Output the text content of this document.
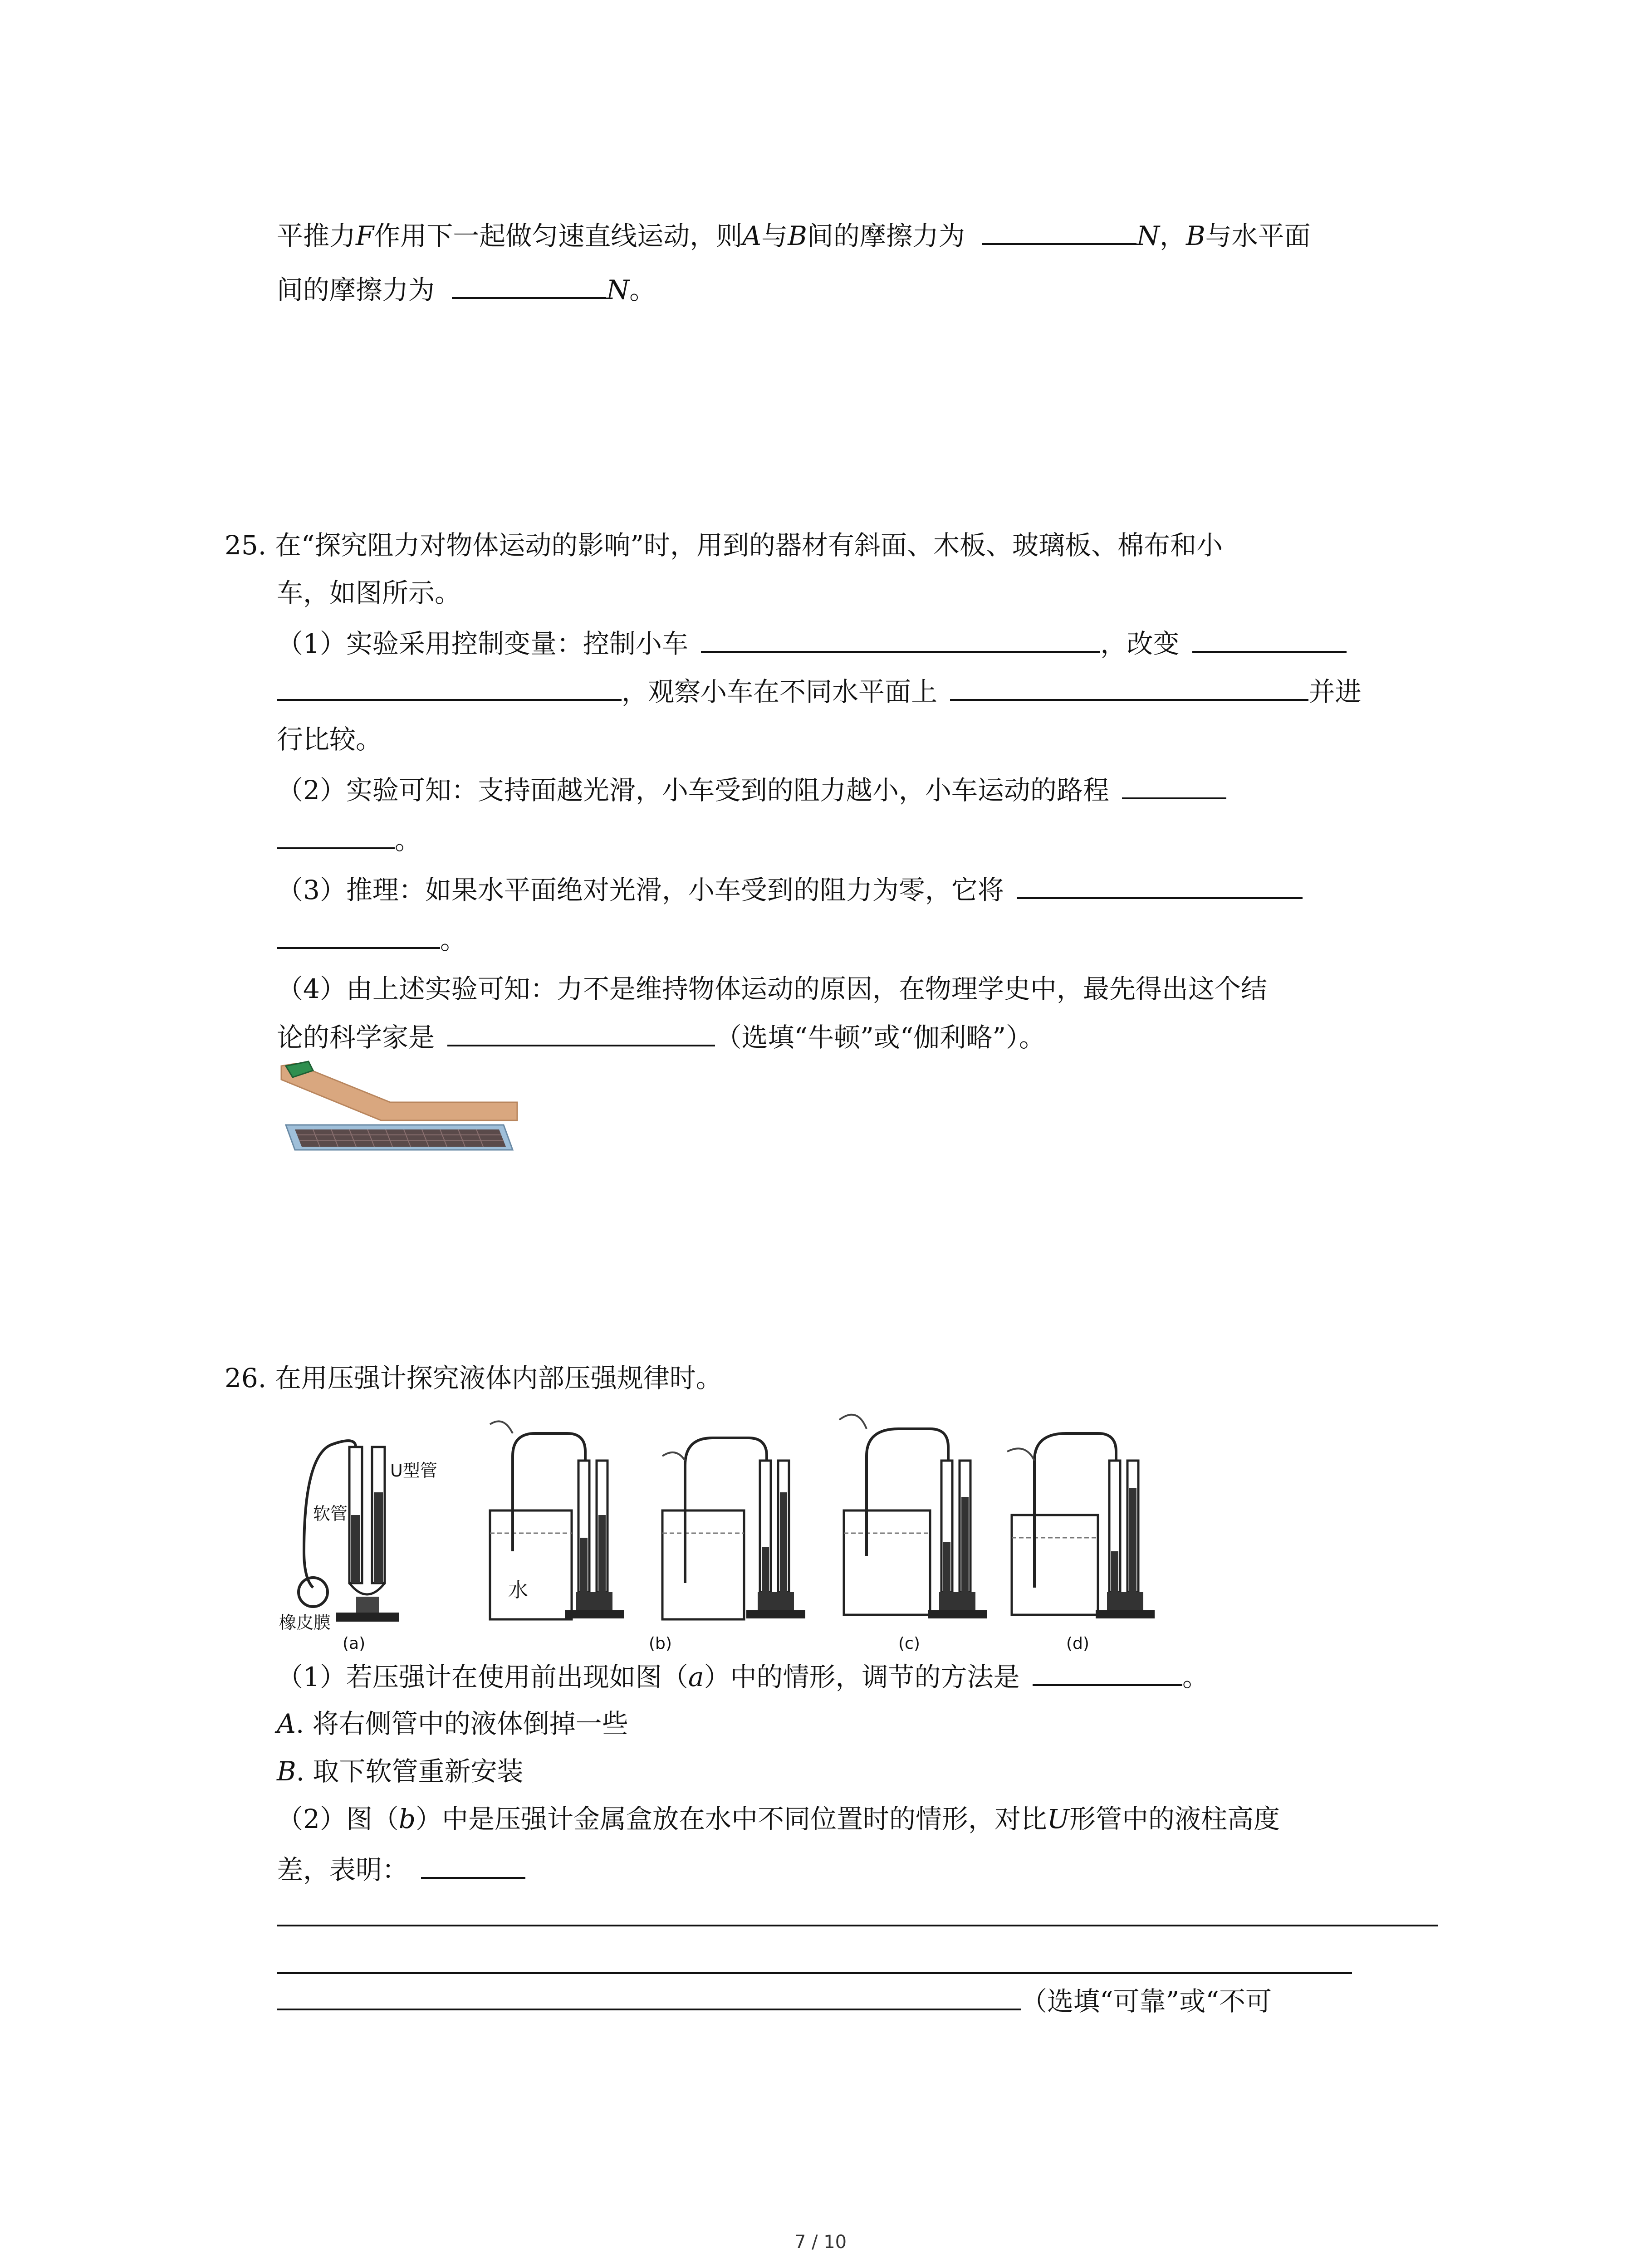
平推力F作用下一起做匀速直线运动，则A与B间的摩擦力为	N，B与水平面
间的摩擦力为	N。
25. 在“探究阻力对物体运动的影响”时，用到的器材有斜面、木板、玻璃板、棉布和小
车，如图所示。
（1）实验采用控制变量：控制小车	，改变
，观察小车在不同水平面上	并进
行比较。
（2）实验可知：支持面越光滑，小车受到的阻力越小，小车运动的路程
。
（3）推理：如果水平面绝对光滑，小车受到的阻力为零，它将
。
（4）由上述实验可知：力不是维持物体运动的原因，在物理学史中，最先得出这个结
论的科学家是	（选填“牛顿”或“伽利略”）。
26. 在用压强计探究液体内部压强规律时。
U型管
软管
橡皮膜
(a)
水
(b)	(c)	(d)
（1）若压强计在使用前出现如图（a）中的情形，调节的方法是	。
A. 将右侧管中的液体倒掉一些
B. 取下软管重新安装
（2）图（b）中是压强计金属盒放在水中不同位置时的情形，对比U形管中的液柱高度
差，表明：
（选填“可靠”或“不可
7 / 10
